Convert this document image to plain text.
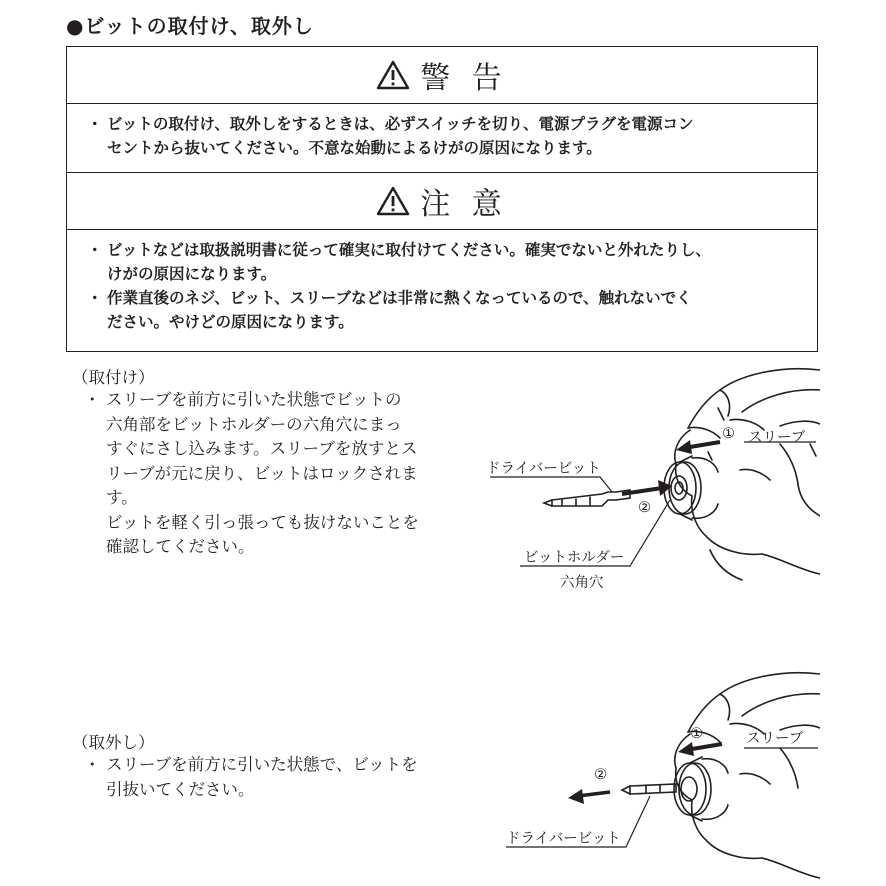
●ビットの取付け、取外し
警 告
・ ビットの取付け、取外しをするときは、必ずスイッチを切り、電源プラグを電源コン
セントから抜いてください。不意な始動によるけがの原因になります。
注 意
・ ビットなどは取扱説明書に従って確実に取付けてください。確実でないと外れたりし、
けがの原因になります。
・ 作業直後のネジ、ビット、スリーブなどは非常に熱くなっているので、触れないでく
ださい。やけどの原因になります。
（取付け）
・ スリーブを前方に引いた状態でビットの
六角部をビットホルダーの六角穴にまっ
すぐにさし込みます。スリーブを放すとス
リーブが元に戻り、ビットはロックされま
す。
ビットを軽く引っ張っても抜けないことを
確認してください。
① スリーブ
ドライバービット
②
ビットホルダー
六角穴
（取外し）
・ スリーブを前方に引いた状態で、ビットを
引抜いてください。
①	スリーブ
②
ドライバービット
